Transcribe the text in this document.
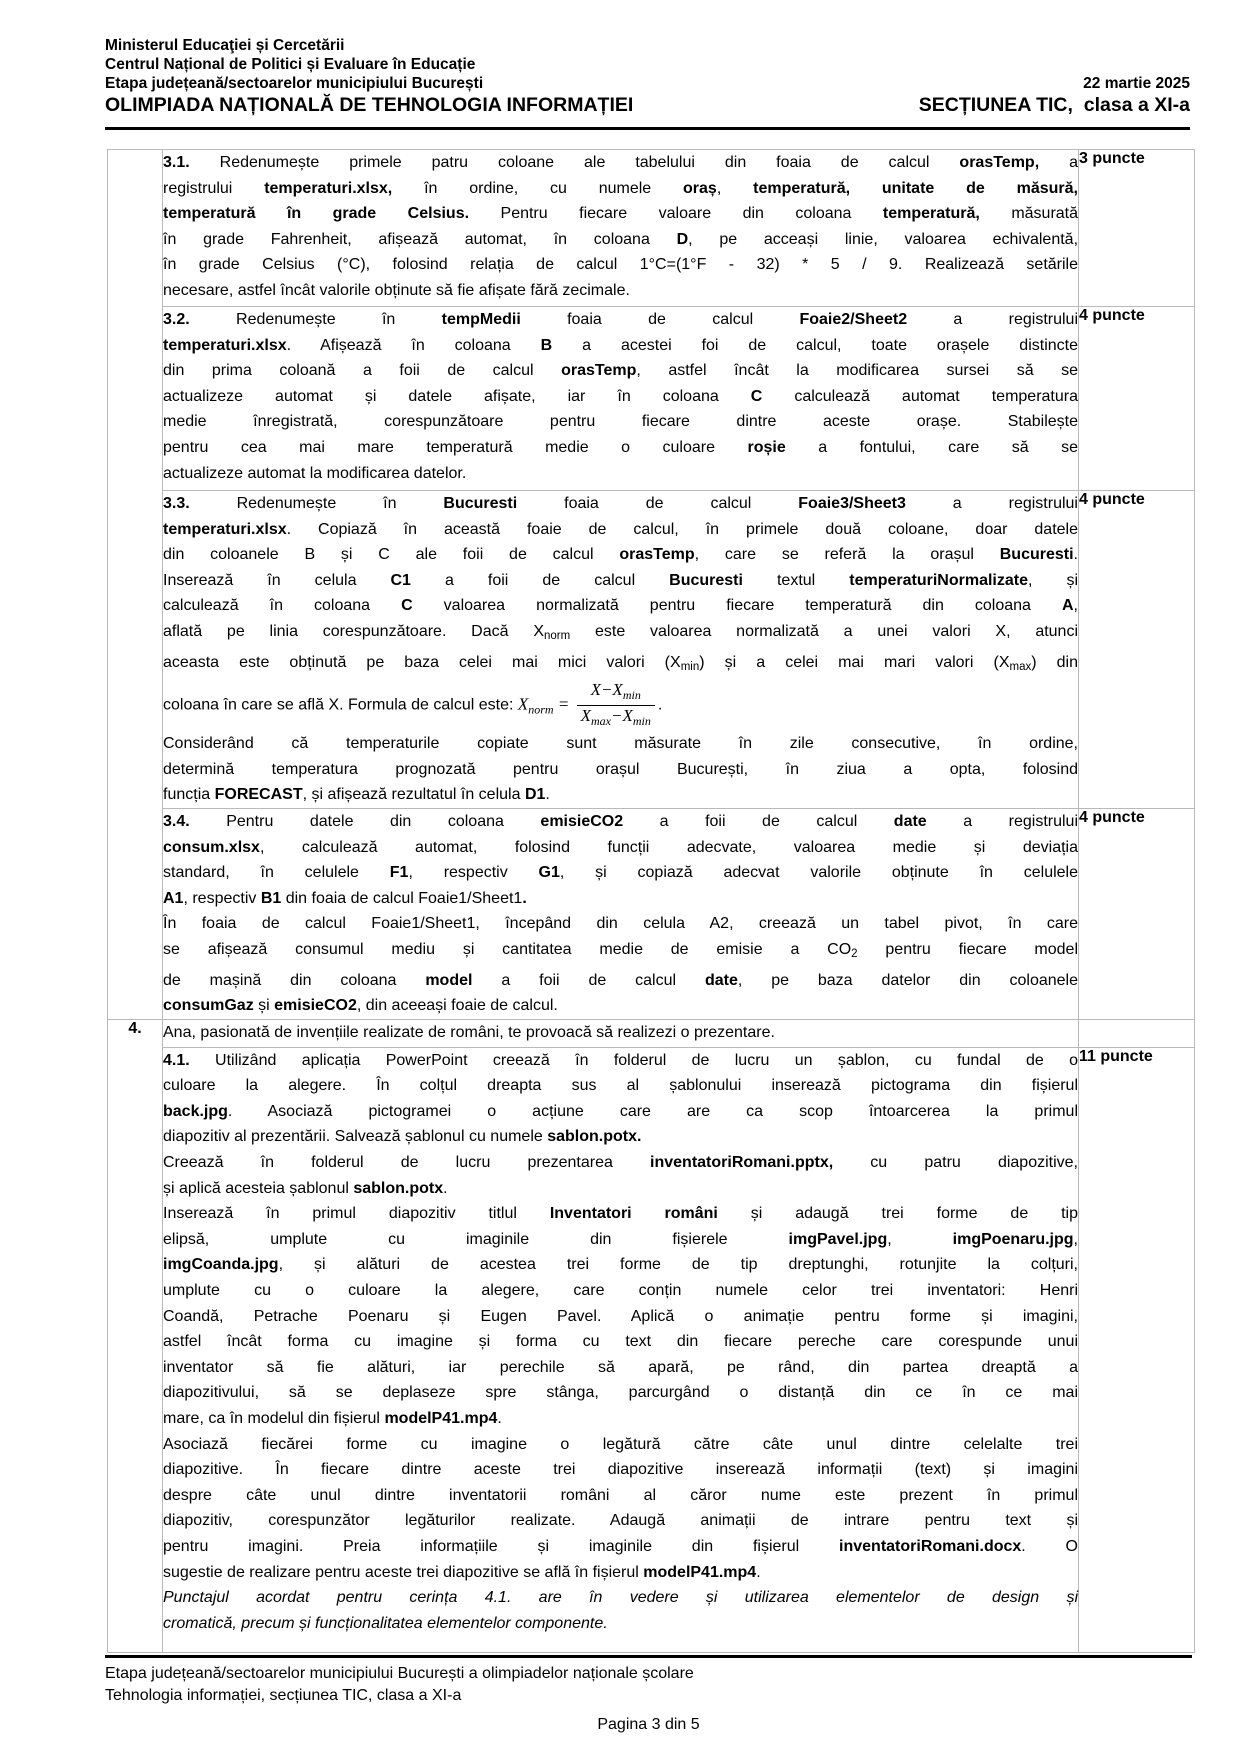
Ministerul Educaţiei și Cercetării
Centrul Național de Politici și Evaluare în Educație
Etapa județeană/sectoarelor municipiului București	22 martie 2025
OLIMPIADA NAȚIONALĂ DE TEHNOLOGIA INFORMAȚIEI	SECȚIUNEA TIC,  clasa a XI-a

3.1. Redenumește primele patru coloane ale tabelului din foaia de calcul orasTemp, a
registrului temperaturi.xlsx, în ordine, cu numele oraș, temperatură, unitate de măsură,
temperatură în grade Celsius. Pentru fiecare valoare din coloana temperatură, măsurată
în grade Fahrenheit, afișează automat, în coloana D, pe acceași linie, valoarea echivalentă,
în grade Celsius (°C), folosind relația de calcul 1°C=(1°F - 32) * 5 / 9. Realizează setările
necesare, astfel încât valorile obținute să fie afișate fără zecimale.
	3 puncte

3.2. Redenumește în tempMedii foaia de calcul Foaie2/Sheet2 a registrului
temperaturi.xlsx. Afișează în coloana B a acestei foi de calcul, toate orașele distincte
din prima coloană a foii de calcul orasTemp, astfel încât la modificarea sursei să se
actualizeze automat și datele afișate, iar în coloana C calculează automat temperatura
medie înregistrată, corespunzătoare pentru fiecare dintre aceste orașe. Stabilește
pentru cea mai mare temperatură medie o culoare roșie a fontului, care să se
actualizeze automat la modificarea datelor.
	4 puncte

3.3. Redenumește în Bucuresti foaia de calcul Foaie3/Sheet3 a registrului
temperaturi.xlsx. Copiază în această foaie de calcul, în primele două coloane, doar datele
din coloanele B și C ale foii de calcul orasTemp, care se referă la orașul Bucuresti.
Inserează în celula C1 a foii de calcul Bucuresti textul temperaturiNormalizate, și
calculează în coloana C valoarea normalizată pentru fiecare temperatură din coloana A,
aflată pe linia corespunzătoare. Dacă Xnorm este valoarea normalizată a unei valori X, atunci
aceasta este obținută pe baza celei mai mici valori (Xmin) și a celei mai mari valori (Xmax) din
coloana în care se află X. Formula de calcul este: $X_{norm} = \frac{X-X_{min}}{X_{max}-X_{min}}$ .
Considerând că temperaturile copiate sunt măsurate în zile consecutive, în ordine,
determină temperatura prognozată pentru orașul București, în ziua a opta, folosind
funcția FORECAST, și afișează rezultatul în celula D1.
	4 puncte

3.4. Pentru datele din coloana emisieCO2 a foii de calcul date a registrului
consum.xlsx, calculează automat, folosind funcții adecvate, valoarea medie și deviația
standard, în celulele F1, respectiv G1, și copiază adecvat valorile obținute în celulele
A1, respectiv B1 din foaia de calcul Foaie1/Sheet1.
În foaia de calcul Foaie1/Sheet1, începând din celula A2, creează un tabel pivot, în care
se afișează consumul mediu și cantitatea medie de emisie a CO2 pentru fiecare model
de mașină din coloana model a foii de calcul date, pe baza datelor din coloanele
consumGaz și emisieCO2, din aceeași foaie de calcul.
	4 puncte
4.	Ana, pasionată de invențiile realizate de români, te provoacă să realizezi o prezentare.	

4.1. Utilizând aplicația PowerPoint creează în folderul de lucru un șablon, cu fundal de o
culoare la alegere. În colțul dreapta sus al șablonului inserează pictograma din fișierul
back.jpg. Asociază pictogramei o acțiune care are ca scop întoarcerea la primul
diapozitiv al prezentării. Salvează șablonul cu numele sablon.potx.
Creează în folderul de lucru prezentarea inventatoriRomani.pptx, cu patru diapozitive,
și aplică acesteia șablonul sablon.potx.
Inserează în primul diapozitiv titlul Inventatori români și adaugă trei forme de tip
elipsă, umplute cu imaginile din fișierele imgPavel.jpg, imgPoenaru.jpg,
imgCoanda.jpg, și alături de acestea trei forme de tip dreptunghi, rotunjite la colțuri,
umplute cu o culoare la alegere, care conțin numele celor trei inventatori: Henri
Coandă, Petrache Poenaru și Eugen Pavel. Aplică o animație pentru forme și imagini,
astfel încât forma cu imagine și forma cu text din fiecare pereche care corespunde unui
inventator să fie alături, iar perechile să apară, pe rând, din partea dreaptă a
diapozitivului, să se deplaseze spre stânga, parcurgând o distanță din ce în ce mai
mare, ca în modelul din fișierul modelP41.mp4.
Asociază fiecărei forme cu imagine o legătură către câte unul dintre celelalte trei
diapozitive. În fiecare dintre aceste trei diapozitive inserează informații (text) și imagini
despre câte unul dintre inventatorii români al căror nume este prezent în primul
diapozitiv, corespunzător legăturilor realizate. Adaugă animații de intrare pentru text și
pentru imagini. Preia informațiile și imaginile din fișierul inventatoriRomani.docx. O
sugestie de realizare pentru aceste trei diapozitive se află în fișierul modelP41.mp4.
Punctajul acordat pentru cerința 4.1. are în vedere și utilizarea elementelor de design și
cromatică, precum și funcționalitatea elementelor componente.
	11 puncte
Etapa județeană/sectoarelor municipiului București a olimpiadelor naționale școlare
Tehnologia informației, secțiunea TIC, clasa a XI-a
Pagina 3 din 5
